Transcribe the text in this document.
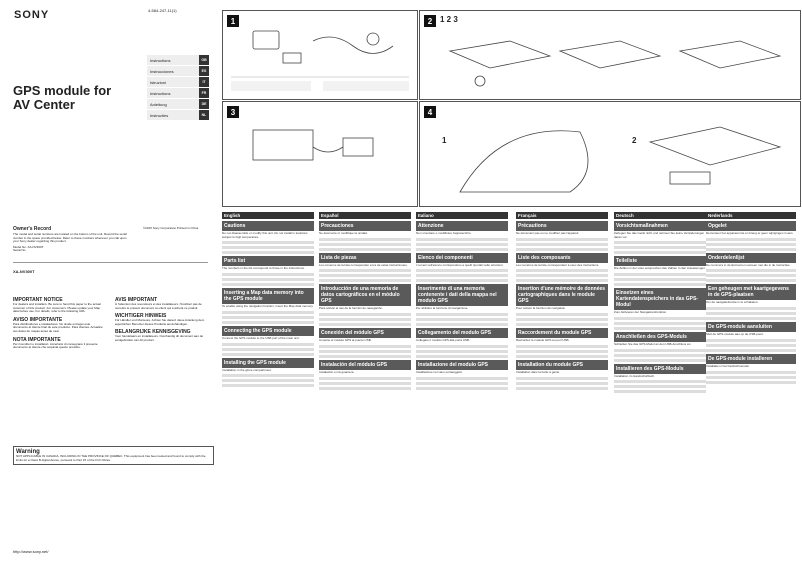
SONY	4-584-247-11(1)
GPS module for AV Center
Instructions	GB
Instrucciones	ES
Istruzioni	IT
Instructions	FR
Anleitung	DE
Instructies	NL
Owner's Record
The model and serial numbers are located on the bottom of the unit. Record the serial number in the space provided below. Refer to these numbers whenever you call upon your Sony dealer regarding this product.
Model No. XA-NV300T
Serial No.
©2015 Sony Corporation Printed in China
XA-NV300T
IMPORTANT NOTICE
For dealers and installers. Be sure to hand this paper to the actual customer of this product. For customers. Please update your Map data before use. For details, refer to the following URL.
AVISO IMPORTANTE
Para distribuidores e instaladores. No olvide entregar este documento al cliente final de este producto. Para clientes. Actualice sus datos de mapas antes de usar.
NOTA IMPORTANTE
Per rivenditori e installatori. Accertarsi di consegnare il presente documento al cliente che acquista questo prodotto.
AVIS IMPORTANT
À l'attention des revendeurs et des installateurs. N'oubliez pas de remettre le présent document au client qui a acheté ce produit.
WICHTIGER HINWEIS
Für Händler und Monteure. Achten Sie darauf, diese Anleitung dem eigentlichen Benutzer dieses Produkts auszuhändigen.
BELANGRIJKE KENNISGEVING
Voor handelaars en installateurs. Overhandig dit document aan de eindgebruiker van dit product.
Warning
NOT APPLICABLE IN CANADA, INCLUDING IN THE PROVINCE OF QUEBEC. This equipment has been tested and found to comply with the limits for a Class B digital device, pursuant to Part 15 of the FCC Rules.
http://www.sony.net/
1	2 1 2 3
3	4
1	2
English
Cautions
Do not disassemble or modify this unit. Do not install in locations subject to high temperature.
Parts list
The numbers in the list correspond to those in the instructions.
Inserting a Map data memory into the GPS module
To enable using the navigation function, insert the Map data memory.
Connecting the GPS module
Connect the GPS module to the USB port of the main unit.
Installing the GPS module
Installation in the glove compartment.
Español
Precauciones
No desmonte ni modifique la unidad.
Lista de piezas
Los números de la lista corresponden a los de estas instrucciones.
Introducción de una memoria de datos cartográficos en el módulo GPS
Para activar el uso de la función de navegación.
Conexión del módulo GPS
Conecte el módulo GPS al puerto USB.
Instalación del módulo GPS
Instalación en la guantera.
Italiano
Attenzione
Non smontare o modificare l'apparecchio.
Elenco dei componenti
I numeri nell'elenco corrispondono a quelli riportati nelle istruzioni.
Inserimento di una memoria contenente i dati della mappa nel modulo GPS
Per abilitare la funzione di navigazione.
Collegamento del modulo GPS
Collegare il modulo GPS alla porta USB.
Installazione del modulo GPS
Installazione nel vano portaoggetti.
Français
Précautions
Ne démontez pas ou ne modifiez pas l'appareil.
Liste des composants
Les numéros de la liste correspondent à ceux des instructions.
Insertion d'une mémoire de données cartographiques dans le module GPS
Pour activer la fonction de navigation.
Raccordement du module GPS
Raccordez le module GPS au port USB.
Installation du module GPS
Installation dans la boîte à gants.
Deutsch
Vorsichtsmaßnahmen
Zerlegen Sie das Gerät nicht und nehmen Sie keine Veränderungen daran vor.
Teileliste
Die Zahlen in der Liste entsprechen den Zahlen in den Anweisungen.
Einsetzen eines Kartendatenspeichers in das GPS-Modul
Zum Aktivieren der Navigationsfunktion.
Anschließen des GPS-Moduls
Schließen Sie das GPS-Modul an den USB-Anschluss an.
Installieren des GPS-Moduls
Installation im Handschuhfach.
Nederlands
Opgelet
Demonteer het apparaat niet en breng er geen wijzigingen in aan.
Onderdelenlijst
De nummers in de lijst komen overeen met die in de instructies.
Een geheugen met kaartgegevens in de GPS-plaatsen
Om de navigatiefunctie in te schakelen.
De GPS-module aansluiten
Sluit de GPS-module aan op de USB-poort.
De GPS-module installeren
Installatie in het handschoenvak.
